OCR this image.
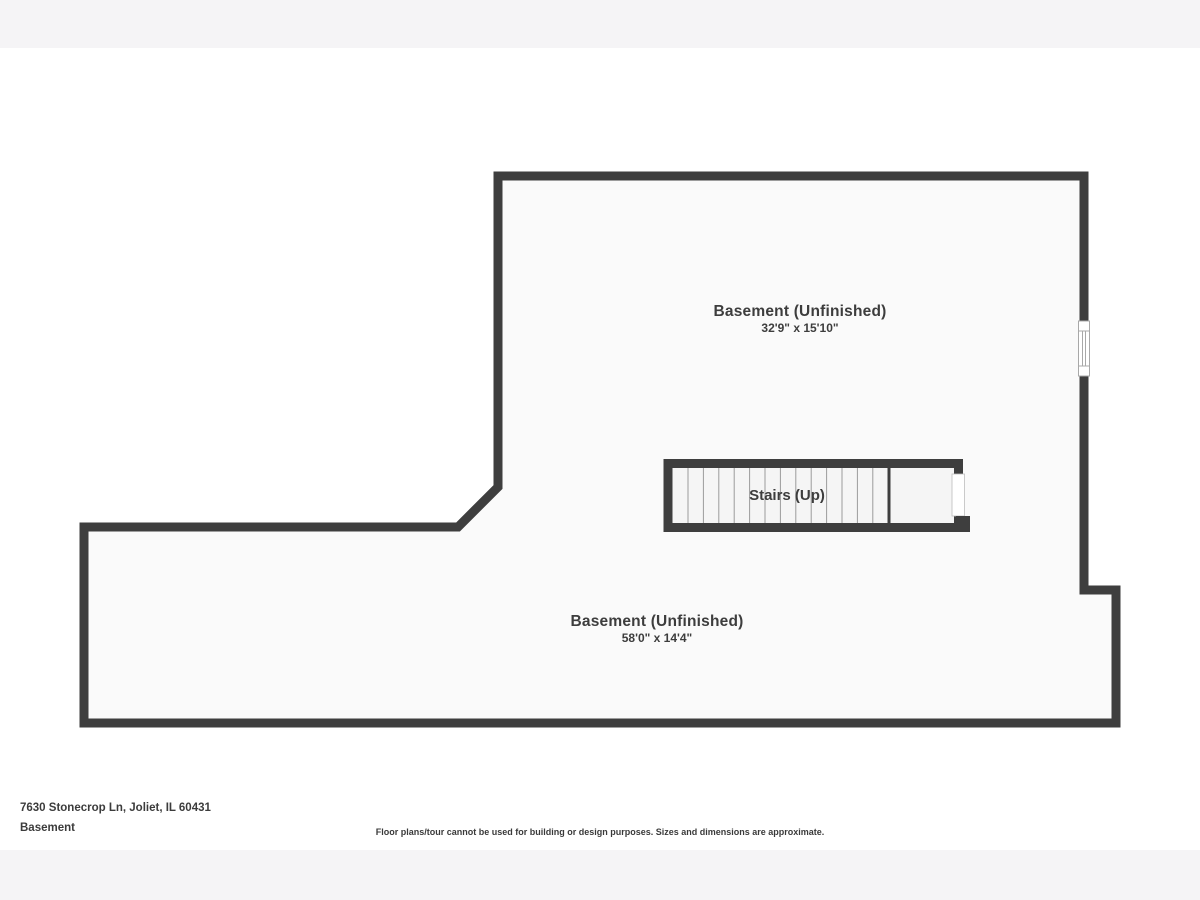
Basement (Unfinished)
32'9" x 15'10"
Stairs (Up)
Basement (Unfinished)
58'0" x 14'4"
7630 Stonecrop Ln, Joliet, IL 60431
Basement	Floor plans/tour cannot be used for building or design purposes. Sizes and dimensions are approximate.
